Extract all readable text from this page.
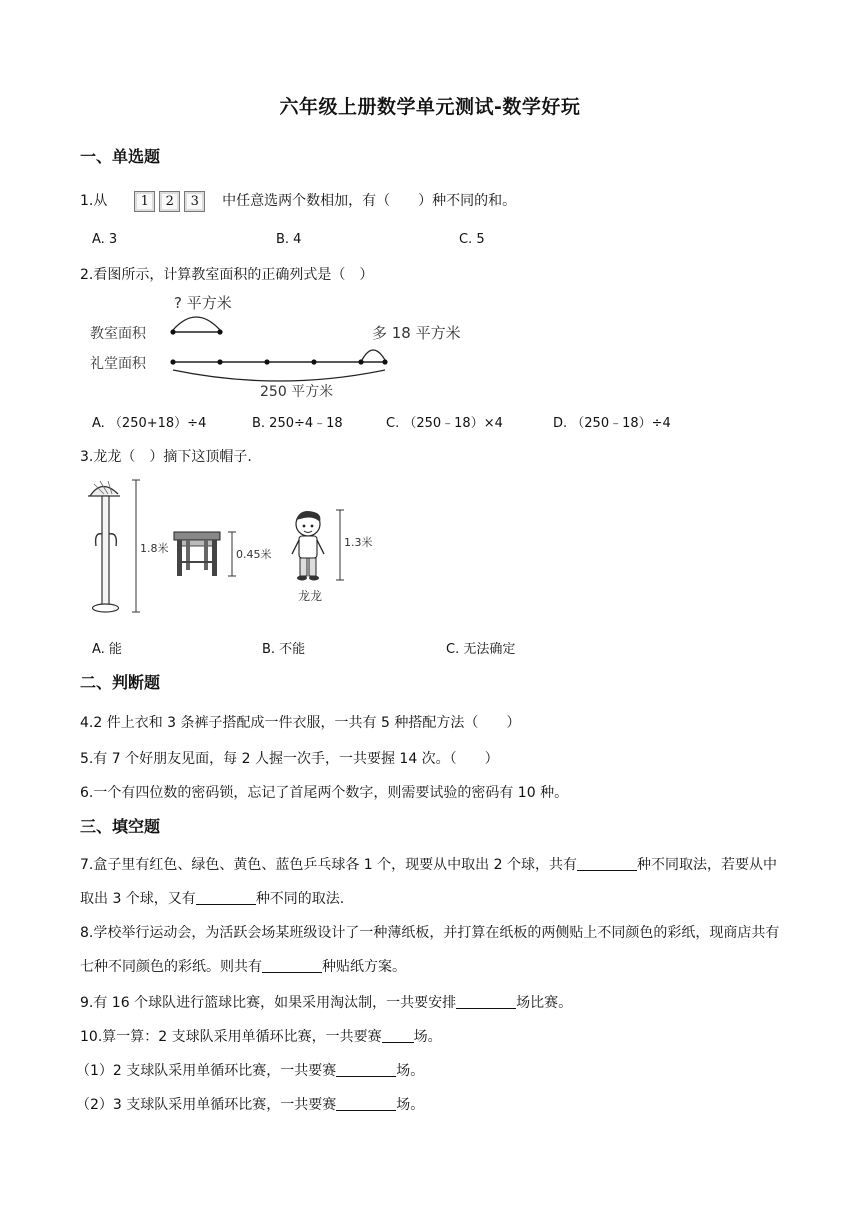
六年级上册数学单元测试-数学好玩
一、单选题
1.从	1 2 3 中任意选两个数相加，有（　　）种不同的和。
A. 3	B. 4	C. 5
2.看图所示，计算教室面积的正确列式是（　）
? 平方米
教室面积
礼堂面积
多 18 平方米
250 平方米
A. （250+18）÷4	B. 250÷4﹣18	C. （250﹣18）×4	D. （250﹣18）÷4
3.龙龙（　）摘下这顶帽子.
1.8米	0.45米
1.3米
龙龙
A. 能	B. 不能	C. 无法确定
二、判断题
4.2 件上衣和 3 条裤子搭配成一件衣服，一共有 5 种搭配方法（　　）
5.有 7 个好朋友见面，每 2 人握一次手，一共要握 14 次。（　　）
6.一个有四位数的密码锁，忘记了首尾两个数字，则需要试验的密码有 10 种。
三、填空题
7.盒子里有红色、绿色、黄色、蓝色乒乓球各 1 个，现要从中取出 2 个球，共有	种不同取法，若要从中取出 3 个球，又有	种不同的取法.
8.学校举行运动会，为活跃会场某班级设计了一种薄纸板，并打算在纸板的两侧贴上不同颜色的彩纸，现商店共有七种不同颜色的彩纸。则共有	种贴纸方案。
9.有 16 个球队进行篮球比赛，如果采用淘汰制，一共要安排	场比赛。
10.算一算：2 支球队采用单循环比赛，一共要赛 场。
（1）2 支球队采用单循环比赛，一共要赛	场。
（2）3 支球队采用单循环比赛，一共要赛	场。
